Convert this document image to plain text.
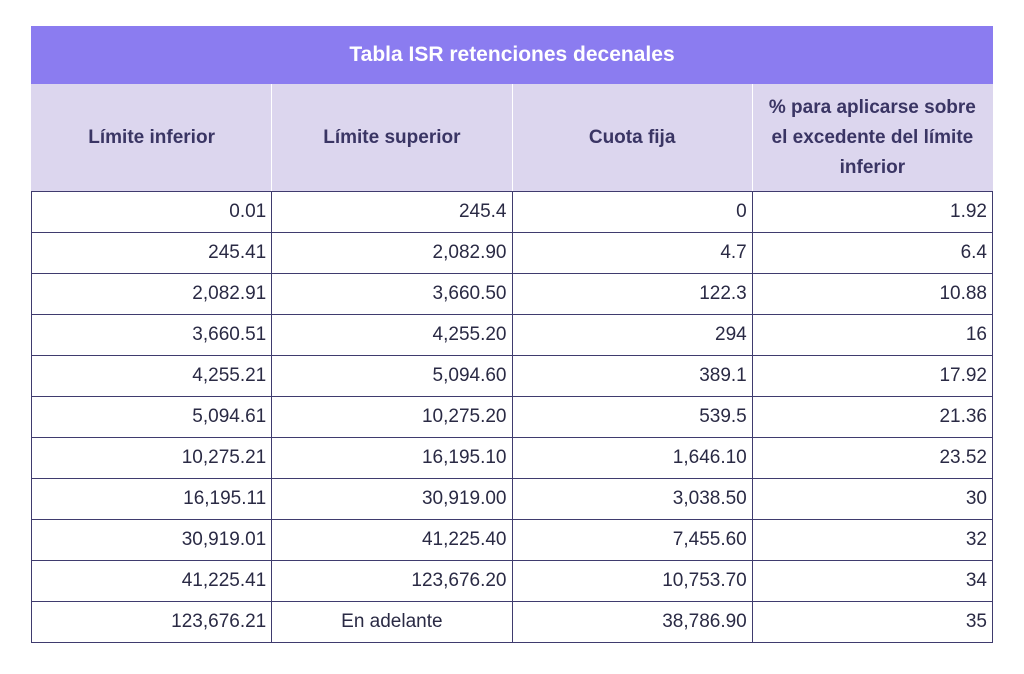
Tabla ISR retenciones decenales			
Límite inferior	Límite superior	Cuota fija	% para aplicarse sobre el excedente del límite inferior
0.01	245.4	0	1.92
245.41	2,082.90	4.7	6.4
2,082.91	3,660.50	122.3	10.88
3,660.51	4,255.20	294	16
4,255.21	5,094.60	389.1	17.92
5,094.61	10,275.20	539.5	21.36
10,275.21	16,195.10	1,646.10	23.52
16,195.11	30,919.00	3,038.50	30
30,919.01	41,225.40	7,455.60	32
41,225.41	123,676.20	10,753.70	34
123,676.21	En adelante	38,786.90	35
